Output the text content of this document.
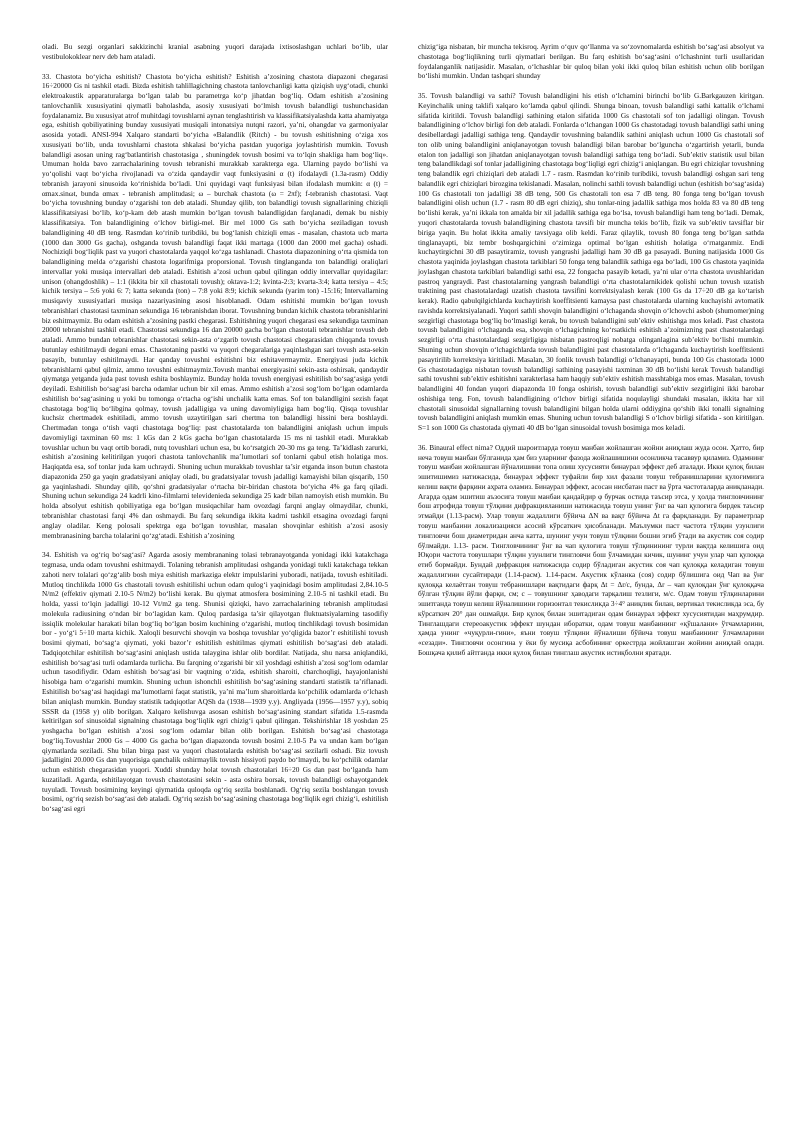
oladi. Bu sezgi organlari sakkizinchi kranial asabning yuqori darajada ixtisoslashgan uchlari bo‘lib, ular vestibulokoklear nerv deb ham ataladi.

33. Chastota bo‘yicha eshitish? Chastota bo‘yicha eshitish? Eshitish a’zosining chastota diapazoni chegarasi 16÷20000 Gs ni tashkil etadi. Bizda eshitish tahlillagichning chastota tanlovchanligi katta qiziqish uyg‘otadi, chunki elektroakustik apparaturalarga bo‘lgan talab bu parametrga ko‘p jihatdan bog‘liq. Odam eshitish a’zosining tanlovchanlik xususiyatini qiymatli baholashda, asosiy xususiyati bo‘lmish tovush balandligi tushunchasidan foydalanamiz. Bu xususiyat atrof muhitdagi tovushlarni aynan tenglashtirish va klassifikatsiyalashda katta ahamiyatga ega, eshitish qobiliyatining bunday xususiyati musiqali intonatsiya nutqni razori, ya’ni, ohangdar va garmoniyalar asosida yotadi. ANSI-994 Xalqaro standarti bo‘yicha «Balandlik (Ritch) - bu tovush eshitishning o‘ziga xos xususiyati bo‘lib, unda tovushlarni chastota shkalasi bo‘yicha pastdan yuqoriga joylashtirish mumkin. Tovush balandligi asosan uning rag‘batlantirish chastotasiga , shuningdek tovush bosimi va to‘lqin shakliga ham bog‘liq». Umuman holda bavo zarrachalarining tovush tebranishi murakkab xarakterga ega. Ularning paydo bo‘lishi va yo‘qolishi vaqt bo‘yicha rivojlanadi va o‘zida qandaydir vaqt funksiyasini α (t) ifodalaydi (1.3a-rasm) Oddiy tebranish jarayoni sinusoida ko‘rinishida bo‘ladi. Uni quyidagi vaqt funksiyasi bilan ifodalash mumkin: α (t) = αmax.sinωt, bunda αmax - tebranish amplitudasi; ω – burchak chastota (ω = 2πf); f-tebranish chastotasi. Vaqt bo‘yicha tovushning bunday o‘zgarishi ton deb ataladi. Shunday qilib, ton balandligi tovush signallarining chiziqli klassifikatsiyasi bo‘lib, ko‘p-kam deb atash mumkin bo‘lgan tovush balandligidan farqlanadi, demak bu nisbiy klassifikatsiya. Ton balandligining o‘lchov birligi-mel. Bir mel 1000 Gs sath bo‘yicha seziladigan tovush balandligining 40 dB teng. Rasmdan ko‘rinib turibdiki, bu bog‘lanish chiziqli emas - masalan, chastota ucb marta (1000 dan 3000 Gs gacha), oshganda tovush balandligi faqat ikki martaga (1000 dan 2000 mel gacha) oshadi. Nochiziqli bog‘liqlik past va yuqori chastotalarda yaqqol ko‘zga tashlanadi. Chastota diapazonining o‘rta qismida ton balandligining melda o‘zgarishi chastota logarifmiga proporsional. Tovush tinglanganda ton balandligi oraliqlari intervallar yoki musiqa intervallari deb ataladi. Eshitish a’zosi uchun qabul qilingan oddiy intervallar quyidagilar: unison (ohangdoshlik) – 1:1 (ikkita bir xil chastotali tovush); oktava-1:2; kvinta-2:3; kvarta-3:4; katta tersiya – 4:5; kichik tersiya – 5:6 yoki 6: 7; katta sekunda (ton) – 7:8 yoki 8:9; kichik sekunda (yarim ton) -15:16; Intervallarning musiqaviy xususiyatlari musiqa nazariyasining asosi hisoblanadi. Odam eshitishi mumkin bo‘lgan tovush tebranishlari chastotasi taxminan sekundiga 16 tebranishdan iborat. Tovushning bundan kichik chastota tebranishlarini biz eshitmaymiz. Bu odam eshitish a’zosining pastki chegarasi. Eshitishning yuqori chegarasi esa sekundiga taxminan 20000 tebranishni tashkil etadi. Chastotasi sekundiga 16 dan 20000 gacha bo‘lgan chastotali tebranishlar tovush deb ataladi. Ammo bundan tebranishlar chastotasi sekin-asta o‘zgarib tovush chastotasi chegarasidan chiqqanda tovush butunlay eshitilmaydi degani emas. Chastotaning pastki va yuqori chegaralariga yaqinlashgan sari tovush asta-sekin pasayib, butunlay eshitilmaydi. Har qanday tovushni eshitishni biz eshitavermaymiz. Energiyasi juda kichik tebranishlarni qabul qilmiz, ammo tovushni eshitmaymiz.Tovush manbai energiyasini sekin-asta oshirsak, qandaydir qiymatga yetganda juda past tovush eshita boshlaymiz. Bunday holda tovush energiyasi eshitilish bo‘sag‘asiga yetdi deyiladi. Eshitilish bo‘sag‘asi barcha odamlar uchun bir xil emas. Ammo eshitish a’zosi sog‘lom bo‘lgan odamlarda eshitilish bo‘sag‘asining u yoki bu tomonga o‘rtacha og‘ishi unchalik katta emas. Sof ton balandligini sezish faqat chastotaga bog‘liq bo‘libgina qolmay, tovush jadalligiga va uning davomiyligiga ham bog‘liq. Qisqa tovushlar kuchsiz chertmadek eshitiladi, ammo tovush uzaytirilgan sari chertma ton balandligi hissini bera boshlaydi. Chertmadan tonga o‘tish vaqti chastotaga bog‘liq: past chastotalarda ton balandligini aniqlash uchun impuls davomiyligi taxminan 60 ms: 1 kGs dan 2 kGs gacha bo‘lgan chastotalarda 15 ms ni tashkil etadi. Murakkab tovushlar uchun bu vaqt ortib boradi, nutq tovushlari uchun esa, bu ko‘rsatgich 20-30 ms ga teng. Ta’kidlash zarurki, eshitish a’zosining kelitirilgan yuqori chastota tanlovchanlik ma’lumotlari sof tonlarni qabul etish holatiga mos. Haqiqatda esa, sof tonlar juda kam uchraydi. Shuning uchun murakkab tovushlar ta’sir etganda inson butun chastota diapazonida 250 ga yaqin gradatsiyani aniqlay oladi, bu gradatsiyalar tovush jadalligi kamayishi bilan qisqarib, 150 ga yaqinlashadi. Shunday qilib, qo‘shni gradatsiyalar o‘rtacha bir-biridan chastota bo‘yicha 4% ga farq qiladi. Shuning uchun sekundiga 24 kadrli kino-filmlarni televidenieda sekundiga 25 kadr bilan namoyish etish mumkin. Bu holda absolyut eshitish qobiliyatiga ega bo‘lgan musiqachilar ham ovozdagi farqni anglay olmaydilar, chunki, tebranishlar chastotasi farqi 4% dan oshmaydi. Bu farq sekundiga ikkita kadrni tashkil etsagina ovozdagi farqni anglay oladilar. Keng polosali spektrga ega bo‘lgan tovushlar, masalan shovqinlar eshitish a’zosi asosiy membranasining barcha tolalarini qo‘zg‘atadi. Eshitish a’zosining

34. Eshitish va og‘riq bo‘sag‘asi? Agarda asosiy membrananing tolasi tebranayotganda yonidagi ikki katakchaga tegmasa, unda odam tovushni eshitmaydi. Tolaning tebranish amplitudasi oshganda yonidagi tukli katakchaga tekkan zahoti nerv tolalari qo‘zg‘alib bosh miya eshitish markaziga elektr impulslarini yuboradi, natijada, tovush eshitiladi. Mutloq tinchlikda 1000 Gs chastotali tovush eshitilishi uchun odam qulog‘i yaqinidagi bosim amplitudasi 2,84.10-5 N/m2 (effektiv qiymati 2.10-5 N/m2) bo‘lishi kerak. Bu qiymat atmosfera bosimining 2.10-5 ni tashkil etadi. Bu holda, yassi to‘lqin jadalligi 10-12 Vt/m2 ga teng. Shunisi qiziqki, havo zarrachalarining tebranish amplitudasi molekula radiusining o‘ndan bir bo‘lagidan kam. Quloq pardasiga ta’sir qilayotgan fluktuatsiyalarning tasodifiy issiqlik molekular harakati bilan bog‘liq bo‘lgan bosim kuchining o‘zgarishi, mutloq tinchlikdagi tovush bosimidan bor - yo‘g‘i 5÷10 marta kichik. Xaloqli besurvchi shovqin va boshqa tovushlar yo‘qligida bazor’r eshitilishi tovush bosimi qiymati, bo‘sag‘a qiymati, yoki bazor’r eshitilish eshitilmas qiymati eshitilish bo‘sag‘asi deb ataladi. Tadqiqotchilar eshitilish bo‘sag‘asini aniqlash ustida talaygina ishlar olib bordilar. Natijada, shu narsa aniqlandiki, eshitilish bo‘sag‘asi turli odamlarda turlicha. Bu farqning o‘zgarishi bir xil yoshdagi eshitish a’zosi sog‘lom odamlar uchun tasodifiydir. Odam eshitish bo‘sag‘asi bir vaqtning o‘zida, eshitish sharoiti, charchoqligi, hayajonlanishi hisobiga ham o‘zgarishi mumkin. Shuning uchun ishonchli eshitilish bo‘sag‘asining standarti statistik ta’riflanadi. Eshitilish bo‘sag‘asi haqidagi ma’lumotlarni faqat statistik, ya’ni ma’lum sharoitlarda ko‘pchilik odamlarda o‘lchash bilan aniqlash mumkin. Bunday statistik tadqiqotlar AQSh da (1938—1939 y.y). Angliyada (1956—1957 y.y), sobiq SSSR da (1958 y) olib borilgan. Xalqaro kelishuvga asosan eshitish bo‘sag‘asining standart sifatida 1.5-rasmda keltirilgan sof sinusoidal signalning chastotaga bog‘liqlik egri chizig‘i qabul qilingan. Tekshirishlar 18 yoshdan 25 yoshgacha bo‘lgan eshitish a’zosi sog‘lom odamlar bilan olib borilgan. Eshitish bo‘sag‘asi chastotaga bog‘liq.Tovushlar 2000 Gs – 4000 Gs gacha bo‘lgan diapazonda tovush bosimi 2.10-5 Pa va undan kam bo‘lgan qiymatlarda seziladi. Shu bilan birga past va yuqori chastotalarda eshitish bo‘sag‘asi sezilarli oshadi. Biz tovush jadalligini 20.000 Gs dan yuqorisiga qanchalik oshirmaylik tovush hissiyoti paydo bo‘lmaydi, bu ko‘pchilik odamlar uchun eshitish chegarasidan yuqori. Xuddi shunday holat tovush chastotalari 16÷20 Gs dan past bo‘lganda ham kuzatiladi. Agarda, eshitilayotgan tovush chastotasini sekin - asta oshira borsak, tovush balandligi oshayotgandek tuyuladi. Tovush bosimining keyingi qiymatida quloqda og‘riq sezila boshlanadi. Og‘riq sezila boshlangan tovush bosimi, og‘riq sezish bo‘sag‘asi deb ataladi. Og‘riq sezish bo‘sag‘asining chastotaga bog‘liqlik egri chizig‘i, eshitilish bo‘sag‘asi egri

chizig‘iga nisbatan, bir muncha tekisroq. Ayrim o‘quv qo‘llanma va so‘zovnomalarda eshitish bo‘sag‘asi absolyut va chastotaga bog‘liqlikning turli qiymatlari berilgan. Bu farq eshitish bo‘sag‘asini o‘lchashnint turli usullaridan foydalanganlik natijasidir. Masalan, o‘lchashlar bir quloq bilan yoki ikki quloq bilan eshitish uchun olib borilgan bo‘lishi mumkin. Undan tashqari shunday

35. Tovush balandligi va sathi? Tovush balandligini his etish o‘lchamini birinchi bo‘lib G.Barkgauzen kiritgan. Keyinchalik uning taklifi xalqaro ko‘lamda qabul qilindi. Shunga binoan, tovush balandligi sathi kattalik o‘lchami sifatida kiritildi. Tovush balandligi sathining etalon sifatida 1000 Gs chastotali sof ton jadalligi olingan. Tovush balandligining o‘lchov birligi fon deb ataladi. Fonlarda o‘lchangan 1000 Gs chastotadagi tovush balandligi sathi uning desibellardagi jadalligi sathiga teng. Qandaydir tovushning balandlik sathini aniqlash uchun 1000 Gs chastotali sof ton olib uning balandligini aniqlanayotgan tovush balandligi bilan barobar bo‘lguncha o‘zgartirish yetarli, bunda etalon ton jadalligi son jihatdan aniqlanayotgan tovush balandligi sathiga teng bo‘ladi. Sub’ektiv statistik usul bilan teng balandlikdagi sof tonlar jadalligining chastotaga bog‘liqligi egri chizig‘i aniqlangan. Bu egri chiziqlar tovushning teng balandlik egri chiziqlari deb ataladi 1.7 - rasm. Rasmdan ko‘rinib turibdiki, tovush balandligi oshgan sari teng balandlik egri chiziqlari birozgina tekislanadi. Masalan, nolinchi sathli tovush balandligi uchun (eshitish bo‘sag‘asida) 100 Gs chastotali ton jadalligi 38 dB teng, 500 Gs chastotali ton esa 7 dB teng. 80 fonga teng bo‘lgan tovush balandligini olish uchun (1.7 - rasm 80 dB egri chiziq), shu tonlar-ning jadallik sathiga mos holda 83 va 80 dB teng bo‘lishi kerak, ya’ni ikkala ton amalda bir xil jadallik sathiga ega bo‘lsa, tovush balandligi ham teng bo‘ladi. Demak, yuqori chastotalarda tovush balandligining chastota tavsifi bir muncha tekis bo‘lib, fizik va sub’ektiv tavsiflar bir biriga yaqin. Bu holat ikkita amaliy tavsiyaga olib keldi. Faraz qilaylik, tovush 80 fonga teng bo‘lgan sathda tinglanayapti, biz tembr boshqargichini o‘zimizga optimal bo‘lgan eshitish holatiga o‘rnatganmiz. Endi kuchaytirgichni 30 dB pasaytiramiz, tovush yangrashi jadalligi ham 30 dB ga pasayadi. Buning natijasida 1000 Gs chastota yaqinida joylashgan chastota tarkiblari 50 fonga teng balandlik sathiga ega bo‘ladi, 100 Gs chastota yaqinida joylashgan chastota tarkiblari balandligi sathi esa, 22 fongacha pasayib ketadi, ya’ni ular o‘rta chastota uvushlaridan pastroq yangraydi. Past chastotalarning yangrash balandligi o‘rta chastotalarnikidek qolishi uchun tovush uzatish traktining past chastotalardagi uzatish chastota tavsifini korrektsiyalash kerak (100 Gs da 17÷20 dB ga ko‘tarish kerak). Radio qabulqilgichlarda kuchaytirish koeffitsienti kamaysa past chastotalarda ularning kuchayishi avtomatik ravishda korrektsiyalanadi. Yuqori sathli shovqin balandligini o‘lchaganda shovqin o‘lchovchi asbob (shumomer)ning sezgirligi chastotaga bog‘liq bo‘lmasligi kerak, bu tovush balandligini sub’ektiv eshitishga mos keladi. Past chastota tovush balandligini o‘lchaganda esa, shovqin o‘lchagichning ko‘rsatkichi eshitish a’zoimizning past chastotalardagi sezgirligi o‘rta chastotalardagi sezgirligiga nisbatan pastroqligi nobatga olinganlagina sub’ektiv bo‘lishi mumkin. Shuning uchun shovqin o‘lchagichlarda tovush balandligini past chastotalarda o‘lchaganda kuchaytirish koeffitsienti pasaytirilib korrektsiya kiritiladi. Masalan, 30 fonlik tovush balandligi o‘lchanayapti, bunda 100 Gs chastotada 1000 Gs chastotadagiga nisbatan tovush balandligi sathining pasayishi taxminan 30 dB bo‘lishi kerak Tovush balandligi sathi tovushni sub’ektiv eshitishni xarakterlasa ham haqqiy sub’ektiv eshitish masshtabiga mos emas. Masalan, tovush balandligini 40 fondan yuqori diapazonda 10 fonga oshirish, tovush balandligi sub’ektiv sezgirligini ikki barobar oshishiga teng. Fon, tovush balandligining o‘lchov birligi sifatida noqulayligi shundaki masalan, ikkita har xil chastotali sinusoidal signallarning tovush balandligini bilgan holda ularni oddiygina qo‘shib ikki tonalli signalning tovush balandligini aniqlash mumkin emas. Shuning uchun tovush balandligi S o‘lchov birligi sifatida - son kiritilgan. S=1 son 1000 Gs chastotada qiymati 40 dB bo‘lgan sinusoidal tovush bosimiga mos keladi.

36. Binaural effect nima? Оддий шароитларда товуш манбаи жойлашган жойни аниқлаш жуда осон. Ҳатто, бир неча товуш манбаи бўлганида ҳам биз уларнинг фазода жойлашишини осонликча тасаввур қиламиз. Одамнинг товуш манбаи жойлашган йўналишини топа олиш хусусияти бинаурал эффект деб аталади. Икки қулоқ билан эшитишимиз натижасида, бинаурал эффект туфайли бир хил фазали товуш тебранишларини қулоғимизга келиш вақти фарқини аҳрата оламиз. Бинаурал эффект, асосан нисбатан паст ва ўрта частоталарда аниқланади. Агарда одам эшитиш аъзосига товуш манбаи қандайдир φ бурчак остида таъсир этса, у ҳолда тингловчининг бош атрофида товуш тўлқини дифракцияланиши натижасида товуш унинг ўнг ва чап қулоғига бирдек таъсир этмайди (1.13-расм). Улар товуш жадаллиги бўйича ΔN ва вақт бўйича Δt га фарқланади. Бу параметрлар товуш манбаини локализацияси асосий кўрсаткич ҳисобланади. Маълумки паст частота тўлқин узунлиги тингловчи бош диаметридан анча катта, шунинг учун товуш тўлқини бошни эгиб ўтади ва акустик соя содир бўлмайди. 1.13- расм. Тингловчининг ўнг ва чап қулоғига товуш тўлқинининг турли вақтда келишига оид Юқори частота товушлари тўлқин узунлиги тингловчи бош ўлчамидан кичик, шунинг учун улар чап қулоққа етиб бормайди. Бундай дифракция натижасида содир бўладиган акустик соя чап қулоққа келадиган товуш жадаллигини сусайтиради (1.14-расм). 1.14-расм. Акустик кўланка (соя) содир бўлишига оид Чап ва ўнг қулоққа келаётган товуш тебранишлари вақтидаги фарқ Δt = Δr/c, бунда, Δr – чап қулоқдан ўнг қулоққача бўлган тўлқин йўли фарқи, см; c – товушнинг ҳаводаги тарқалиш тезлиги, м/с. Одам товуш тўлқинларини эшитганда товуш келиш йўналишини горизонтал текисликда 3÷4° аниқлик билан, вертикал текисликда эса, бу кўрсаткич 20° дан ошмайди. Бир қулоқ билан эшитадиган одам бинаурал эффект хусусиятидан маҳрумдир. Тинглашдаги стереоакустик эффект шундан иборатки, одам товуш манбаининг «қўшалани» ўтчамларини, ҳамда унинг «чуқурли-гини», яъни товуш тўлқини йўналиши бўйича товуш манбаининг ўлчамларини «сезади». Тингловчи осонгина у ёки бу мусиқа асбобининг оркестрда жойлашган жойини аниқлай олади. Бошқача қилиб айтганда икки қулоқ билан тинглаш акустик истиқболни яратади.
